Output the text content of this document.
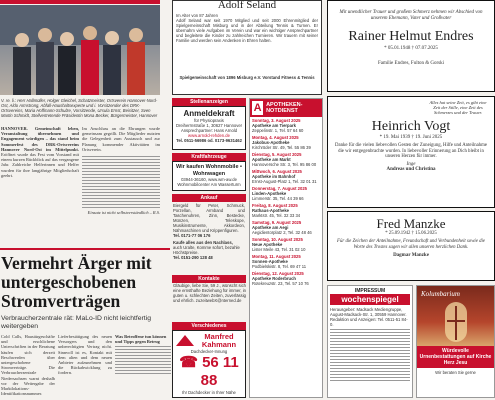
V. re. li.: Herr Hallmüller, Holger Gleichel, Schatzmeister, Ortsverein Hannover-Nord-Ost, Aldo Armstrong, Abfall-Haushaltsexperte und i. Vorsitzender des DRK-Ortsvereins, Maria Hoffmann-Schulze, Vorsitzende, Ursula Ernst, Beisitzer, Sven Martin Schmidt, Stellvertretende Präsidentin Mona Becker, Bürgermeister, Hannover
HANNOVER. Gemeinschaft leben, Veranstaltung übernehmen und Engagement würdigen – das stand beim Sommerfest des DRK-Ortsvereins Hannover Nord-Ost im Mittelpunkt. Eröffnet wurde das Fest vom Vorstand mit einem kurzen Rückblick auf das vergangene Jahr. Zahlreiche Helferinnen und Helfer wurden für ihre langjährige Mitgliedschaft geehrt.
Im Anschluss an die Ehrungen wurde gemeinsam gegrillt. Die Mitglieder nutzten die Gelegenheit zum Austausch und zur Planung kommender Aktivitäten im Ortsverein.
Einsatz ist nicht selbstverständlich – R.S.
Vermehrt Ärger mit untergeschobenen Stromverträgen
Verbraucherzentrale rät: MaLo-ID nicht leichtfertig weitergeben
Cold Calls, Haustürgeschäfte und erschlichene Unterschriften in der Beratung häufen sich derzeit Beschwerden über untergeschobene Stromverträge. Die Verbraucherzentrale Niedersachsen warnt deshalb vor der Weitergabe der Marktlokations-Identifikationsnummer.
Lieferbestätigung des neuen Versorgers und den unberechtigten Vertrag nicht. Sinnvoll ist es, Kontakt mit dem alten und dem neuen Anbieter aufzunehmen und die Rückabwicklung zu fordern.
Was Betroffene tun können und Tipps gegen Betrug
Adolf Seland
Im Alter von 87 Jahren
Adolf Seland war seit 1970 Mitglied und seit 2000 Ehrenmitglied der Spielgemeinschaft Misburg und in der Abteilung Tennis & Turnen. Er übernahm viele Aufgaben im Verein und war ein wichtiger Ansprechpartner und begleitete die Kinder zu zahlreichen Turnieren. Wir trauern mit seiner Familie und werden sein Andenken in Ehren halten.
Spielgemeinschaft von 1896 Misburg e.V. Vorstand Fitness & Tennis
Stellenanzeigen
Anmeldekraft
für Physiopraxis
Dreiherrnstraße 1, 30627 Hannover
Ansprechpartner: Hans Arnold
www.arnold-rehden.de
Tel. 0511-56986 od. 0173-9631462
Kraftfahrzeuge
Wir kaufen Wohnmobile • Wohnwagen
03944-36160, www.wm-aw.de
Wohnmobilcenter Am Wasserturm
Ankauf
Biergeld für Peter, Schmuck, Porzellan, Armband und Taschenuhren, Zinn, Bestecke, Münzen, Teleskope, Musikinstrumente, Akkordeon, Nähmaschinen und Krippenfiguren.
Tel. 0171-77 06 176
Kaufe alles aus den Nachlass,
auch Uralte, Komme sofort, bezahle Höchstpreise.
Tel. 0151-290 128 48
Kontakte
Gläubige, liebe Sie, 59 J., wünscht sich eine ernsthafte Beziehung für immer, in guten u. schlechten Zeiten, zuverlässig und ehrlich. zuzeitwebX@nterned.de
Verschiedenes
Manfred Kahmann
Dachdecker-Innung
☎ 56 11 88
Ihr Dachdecker in Ihrer Nähe
A APOTHEKEN-NOTDIENST
Sonntag, 3. August 2025
Apotheke am Tierpark
Zeppelinstr. 1, Tel. 57 64 60
Montag, 4. August 2025
Jakobus-Apotheke
Kirchröder Str. 49, Tel. 55 86 39
Dienstag, 5. August 2025
Apotheke am Markt
Hannoversche Str. 3, Tel. 95 86 00
Mittwoch, 6. August 2025
Apotheke im Bahnhof
Ernst-August-Platz 1, Tel. 32 01 31
Donnerstag, 7. August 2025
Linden-Apotheke
Limmerstr. 35, Tel. 44 39 66
Freitag, 8. August 2025
Rathaus-Apotheke
Marktstr. 45, Tel. 32 33 34
Samstag, 9. August 2025
Apotheke am Aegi
Aegidientorplatz 2, Tel. 32 48 46
Sonntag, 10. August 2025
Neue Apotheke
Lister Meile 43, Tel. 31 02 10
Montag, 11. August 2025
Sonnen-Apotheke
Podbielskistr. 8, Tel. 69 47 11
Dienstag, 12. August 2025
Apotheke Roderbruch
Rotekreuzstr. 23, Tel. 57 10 76
Mit unendlicher Trauer und großem Schmerz nehmen wir Abschied von unserem Ehemann, Vater und Großvater
Rainer Helmut Endres
* 05.01.1948 † 07.07.2025
Familie Endres, Fulton & Gorski
Alles hat seine Zeit, es gibt eine Zeit der Stille, eine Zeit des Schmerzes und der Trauer.
Heinrich Vogt
* 19. Mai 1939 † 19. Juni 2025
Danke für die vielen liebevollen Gesten der Zuneigung, Hilfe und Anteilnahme die wir entgegenbrachte wurden. In liebevoller Erinnerung an Dich bleibt in unseren Herzen für immer.
Inge
Andreas und Christina
Fred Manzke
* 25.09.1942 † 15.06.2025
Für die Zeichen der Anteilnahme, Freundschaft und Verbundenheit sowie die Worte des Trostes sagen wir allen unseren herzlichen Dank.
Dagmar Manzke
IMPRESSUM
wochenspiegel
Herausgeber: Madsack Mediengruppe, August-Madsack-Str. 1, 30559 Hannover. Redaktion und Anzeigen: Tel. 0511-51 84-0.
Kolumbarium
Würdevolle Urnenbestattungen auf Kirche Herz Jesu
Wir beraten Sie gerne
